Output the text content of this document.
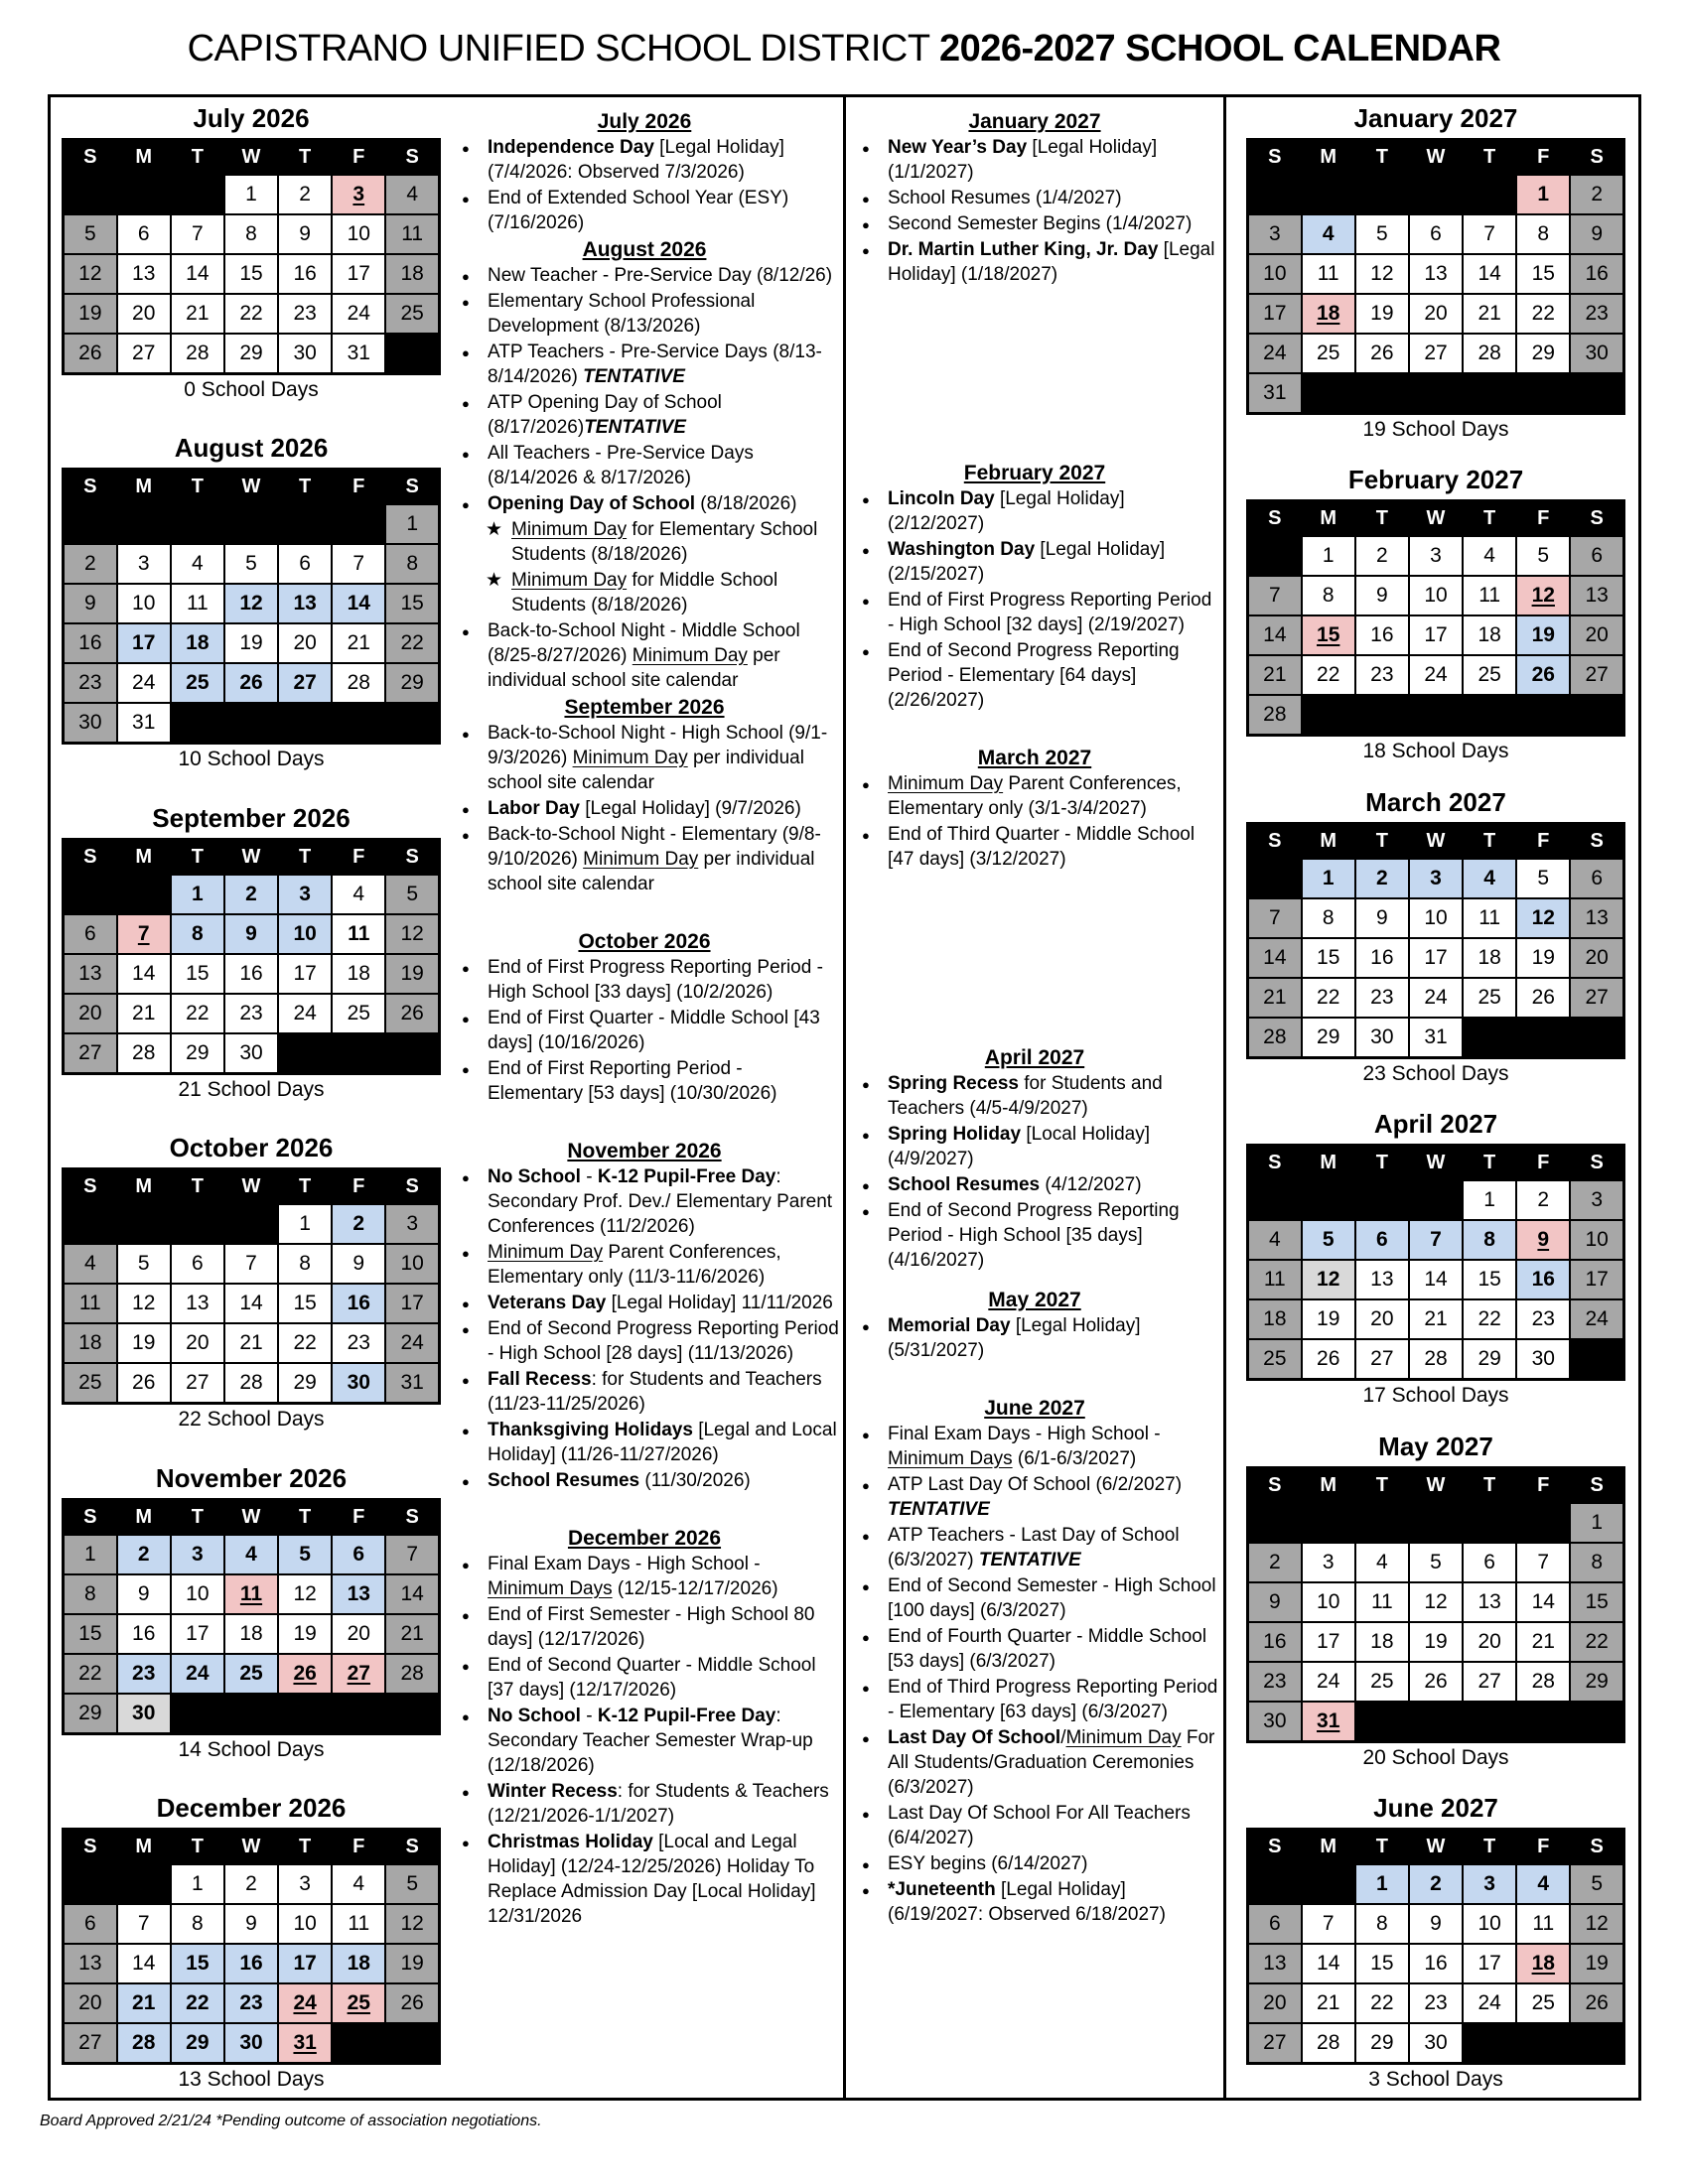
CAPISTRANO UNIFIED SCHOOL DISTRICT 2026-2027 SCHOOL CALENDAR
July 2026
S	M	T	W	T	F	S
			1	2	3	4
5	6	7	8	9	10	11
12	13	14	15	16	17	18
19	20	21	22	23	24	25
26	27	28	29	30	31	
0 School Days
August 2026
S	M	T	W	T	F	S
						1
2	3	4	5	6	7	8
9	10	11	12	13	14	15
16	17	18	19	20	21	22
23	24	25	26	27	28	29
30	31					
10 School Days
September 2026
S	M	T	W	T	F	S
		1	2	3	4	5
6	7	8	9	10	11	12
13	14	15	16	17	18	19
20	21	22	23	24	25	26
27	28	29	30			
21 School Days
October 2026
S	M	T	W	T	F	S
				1	2	3
4	5	6	7	8	9	10
11	12	13	14	15	16	17
18	19	20	21	22	23	24
25	26	27	28	29	30	31
22 School Days
November 2026
S	M	T	W	T	F	S
1	2	3	4	5	6	7
8	9	10	11	12	13	14
15	16	17	18	19	20	21
22	23	24	25	26	27	28
29	30					
14 School Days
December 2026
S	M	T	W	T	F	S
		1	2	3	4	5
6	7	8	9	10	11	12
13	14	15	16	17	18	19
20	21	22	23	24	25	26
27	28	29	30	31		
13 School Days
July 2026
● Independence Day [Legal Holiday] (7/4/2026: Observed 7/3/2026)
● End of Extended School Year (ESY) (7/16/2026)
August 2026
● New Teacher - Pre-Service Day (8/12/26)
● Elementary School Professional Development (8/13/2026)
● ATP Teachers - Pre-Service Days (8/13-8/14/2026) TENTATIVE
● ATP Opening Day of School (8/17/2026)TENTATIVE
● All Teachers - Pre-Service Days (8/14/2026 & 8/17/2026)
● Opening Day of School (8/18/2026)
★ Minimum Day for Elementary School Students (8/18/2026)
★ Minimum Day for Middle School Students (8/18/2026)
● Back-to-School Night - Middle School (8/25-8/27/2026) Minimum Day per individual school site calendar
September 2026
● Back-to-School Night - High School (9/1-9/3/2026) Minimum Day per individual school site calendar
● Labor Day [Legal Holiday] (9/7/2026)
● Back-to-School Night - Elementary (9/8-9/10/2026) Minimum Day per individual school site calendar
October 2026
● End of First Progress Reporting Period - High School [33 days] (10/2/2026)
● End of First Quarter - Middle School [43 days] (10/16/2026)
● End of First Reporting Period - Elementary [53 days] (10/30/2026)
November 2026
● No School - K-12 Pupil-Free Day: Secondary Prof. Dev./ Elementary Parent Conferences (11/2/2026)
● Minimum Day Parent Conferences, Elementary only (11/3-11/6/2026)
● Veterans Day [Legal Holiday] 11/11/2026
● End of Second Progress Reporting Period - High School [28 days] (11/13/2026)
● Fall Recess: for Students and Teachers (11/23-11/25/2026)
● Thanksgiving Holidays [Legal and Local Holiday] (11/26-11/27/2026)
● School Resumes (11/30/2026)
December 2026
● Final Exam Days - High School - Minimum Days (12/15-12/17/2026)
● End of First Semester - High School 80 days] (12/17/2026)
● End of Second Quarter - Middle School [37 days] (12/17/2026)
● No School - K-12 Pupil-Free Day: Secondary Teacher Semester Wrap-up (12/18/2026)
● Winter Recess: for Students & Teachers (12/21/2026-1/1/2027)
● Christmas Holiday [Local and Legal Holiday] (12/24-12/25/2026) Holiday To Replace Admission Day [Local Holiday] 12/31/2026
January 2027
● New Year’s Day [Legal Holiday] (1/1/2027)
● School Resumes (1/4/2027)
● Second Semester Begins (1/4/2027)
● Dr. Martin Luther King, Jr. Day [Legal Holiday] (1/18/2027)
February 2027
● Lincoln Day [Legal Holiday] (2/12/2027)
● Washington Day [Legal Holiday] (2/15/2027)
● End of First Progress Reporting Period - High School [32 days] (2/19/2027)
● End of Second Progress Reporting Period - Elementary [64 days] (2/26/2027)
March 2027
● Minimum Day Parent Conferences, Elementary only (3/1-3/4/2027)
● End of Third Quarter - Middle School [47 days] (3/12/2027)
April 2027
● Spring Recess for Students and Teachers (4/5-4/9/2027)
● Spring Holiday [Local Holiday] (4/9/2027)
● School Resumes (4/12/2027)
● End of Second Progress Reporting Period - High School [35 days] (4/16/2027)
May 2027
● Memorial Day [Legal Holiday] (5/31/2027)
June 2027
● Final Exam Days - High School - Minimum Days (6/1-6/3/2027)
● ATP Last Day Of School (6/2/2027) TENTATIVE
● ATP Teachers - Last Day of School (6/3/2027) TENTATIVE
● End of Second Semester - High School [100 days] (6/3/2027)
● End of Fourth Quarter - Middle School [53 days] (6/3/2027)
● End of Third Progress Reporting Period - Elementary [63 days] (6/3/2027)
● Last Day Of School/Minimum Day For All Students/Graduation Ceremonies (6/3/2027)
● Last Day Of School For All Teachers (6/4/2027)
● ESY begins (6/14/2027)
● *Juneteenth [Legal Holiday] (6/19/2027: Observed 6/18/2027)
January 2027
S	M	T	W	T	F	S
					1	2
3	4	5	6	7	8	9
10	11	12	13	14	15	16
17	18	19	20	21	22	23
24	25	26	27	28	29	30
31						
19 School Days
February 2027
S	M	T	W	T	F	S
	1	2	3	4	5	6
7	8	9	10	11	12	13
14	15	16	17	18	19	20
21	22	23	24	25	26	27
28						
18 School Days
March 2027
S	M	T	W	T	F	S
	1	2	3	4	5	6
7	8	9	10	11	12	13
14	15	16	17	18	19	20
21	22	23	24	25	26	27
28	29	30	31			
23 School Days
April 2027
S	M	T	W	T	F	S
				1	2	3
4	5	6	7	8	9	10
11	12	13	14	15	16	17
18	19	20	21	22	23	24
25	26	27	28	29	30	
17 School Days
May 2027
S	M	T	W	T	F	S
						1
2	3	4	5	6	7	8
9	10	11	12	13	14	15
16	17	18	19	20	21	22
23	24	25	26	27	28	29
30	31					
20 School Days
June 2027
S	M	T	W	T	F	S
		1	2	3	4	5
6	7	8	9	10	11	12
13	14	15	16	17	18	19
20	21	22	23	24	25	26
27	28	29	30			
3 School Days
Board Approved 2/21/24 *Pending outcome of association negotiations.
